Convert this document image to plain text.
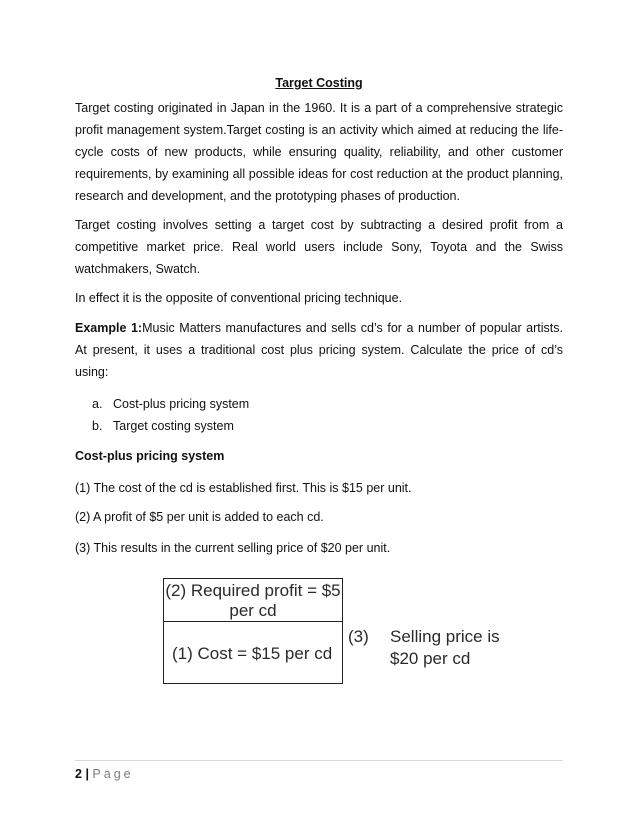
Target Costing
Target costing originated in Japan in the 1960. It is a part of a comprehensive strategic profit management system.Target costing is an activity which aimed at reducing the life-cycle costs of new products, while ensuring quality, reliability, and other customer requirements, by examining all possible ideas for cost reduction at the product planning, research and development, and the prototyping phases of production.
Target costing involves setting a target cost by subtracting a desired profit from a competitive market price. Real world users include Sony, Toyota and the Swiss watchmakers, Swatch.
In effect it is the opposite of conventional pricing technique.
Example 1:Music Matters manufactures and sells cd’s for a number of popular artists. At present, it uses a traditional cost plus pricing system. Calculate the price of cd’s using:
a. Cost-plus pricing system
b. Target costing system
Cost-plus pricing system
(1) The cost of the cd is established first. This is $15 per unit.
(2) A profit of $5 per unit is added to each cd.
(3) This results in the current selling price of $20 per unit.
(2) Required profit = $5
per cd
(1) Cost = $15 per cd
(3) Selling price is
$20 per cd
2 | Page
